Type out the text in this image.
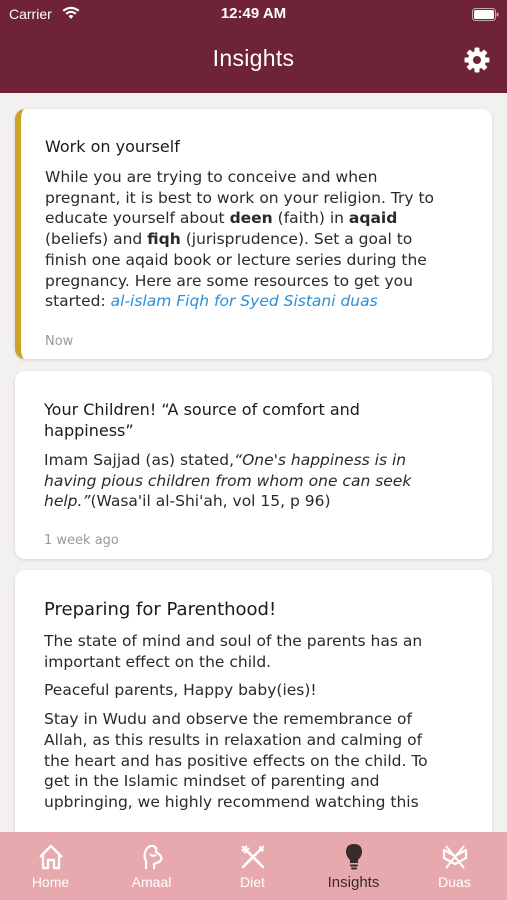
Carrier	12:49 AM
Insights
Work on yourself
While you are trying to conceive and when
pregnant, it is best to work on your religion. Try to
educate yourself about deen (faith) in aqaid
(beliefs) and fiqh (jurisprudence). Set a goal to
finish one aqaid book or lecture series during the
pregnancy. Here are some resources to get you
started: al-islam Fiqh for Syed Sistani duas
Now
Your Children! “A source of comfort and
happiness”
Imam Sajjad (as) stated,“One's happiness is in
having pious children from whom one can seek
help.”(Wasa'il al-Shi'ah, vol 15, p 96)
1 week ago
Preparing for Parenthood!
The state of mind and soul of the parents has an
important effect on the child.
Peaceful parents, Happy baby(ies)!
Stay in Wudu and observe the remembrance of
Allah, as this results in relaxation and calming of
the heart and has positive effects on the child. To
get in the Islamic mindset of parenting and
upbringing, we highly recommend watching this
Home	Amaal	Diet	Insights	Duas
